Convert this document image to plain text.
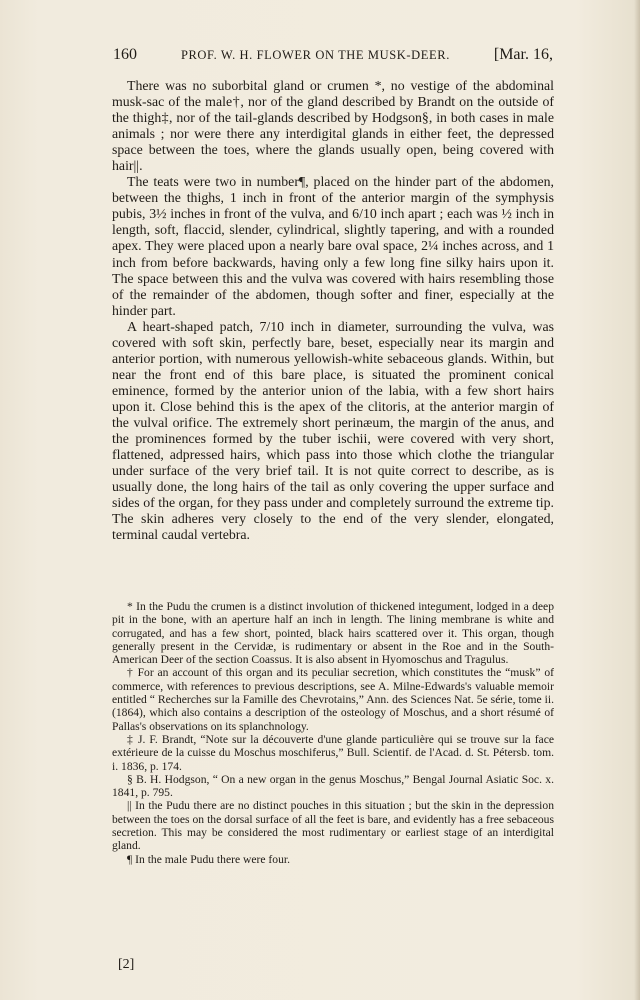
160	PROF. W. H. FLOWER ON THE MUSK-DEER.	[Mar. 16,

There was no suborbital gland or crumen *, no vestige of the abdominal musk-sac of the male†, nor of the gland described by Brandt on the outside of the thigh‡, nor of the tail-glands described by Hodgson§, in both cases in male animals ; nor were there any interdigital glands in either feet, the depressed space between the toes, where the glands usually open, being covered with hair||.

The teats were two in number¶, placed on the hinder part of the abdomen, between the thighs, 1 inch in front of the anterior margin of the symphysis pubis, 3½ inches in front of the vulva, and 6/10 inch apart ; each was ½ inch in length, soft, flaccid, slender, cylindrical, slightly tapering, and with a rounded apex. They were placed upon a nearly bare oval space, 2¼ inches across, and 1 inch from before backwards, having only a few long fine silky hairs upon it. The space between this and the vulva was covered with hairs resembling those of the remainder of the abdomen, though softer and finer, especially at the hinder part.

A heart-shaped patch, 7/10 inch in diameter, surrounding the vulva, was covered with soft skin, perfectly bare, beset, especially near its margin and anterior portion, with numerous yellowish-white sebaceous glands. Within, but near the front end of this bare place, is situated the prominent conical eminence, formed by the anterior union of the labia, with a few short hairs upon it. Close behind this is the apex of the clitoris, at the anterior margin of the vulval orifice. The extremely short perinæum, the margin of the anus, and the prominences formed by the tuber ischii, were covered with very short, flattened, adpressed hairs, which pass into those which clothe the triangular under surface of the very brief tail. It is not quite correct to describe, as is usually done, the long hairs of the tail as only covering the upper surface and sides of the organ, for they pass under and completely surround the extreme tip. The skin adheres very closely to the end of the very slender, elongated, terminal caudal vertebra.

* In the Pudu the crumen is a distinct involution of thickened integument, lodged in a deep pit in the bone, with an aperture half an inch in length. The lining membrane is white and corrugated, and has a few short, pointed, black hairs scattered over it. This organ, though generally present in the Cervidæ, is rudimentary or absent in the Roe and in the South-American Deer of the section Coassus. It is also absent in Hyomoschus and Tragulus.

† For an account of this organ and its peculiar secretion, which constitutes the “musk” of commerce, with references to previous descriptions, see A. Milne-Edwards's valuable memoir entitled “ Recherches sur la Famille des Chevrotains,” Ann. des Sciences Nat. 5e série, tome ii. (1864), which also contains a description of the osteology of Moschus, and a short résumé of Pallas's observations on its splanchnology.

‡ J. F. Brandt, “Note sur la découverte d'une glande particulière qui se trouve sur la face extérieure de la cuisse du Moschus moschiferus,” Bull. Scientif. de l'Acad. d. St. Pétersb. tom. i. 1836, p. 174.

§ B. H. Hodgson, “ On a new organ in the genus Moschus,” Bengal Journal Asiatic Soc. x. 1841, p. 795.

|| In the Pudu there are no distinct pouches in this situation ; but the skin in the depression between the toes on the dorsal surface of all the feet is bare, and evidently has a free sebaceous secretion. This may be considered the most rudimentary or earliest stage of an interdigital gland.

¶ In the male Pudu there were four.

[2]
